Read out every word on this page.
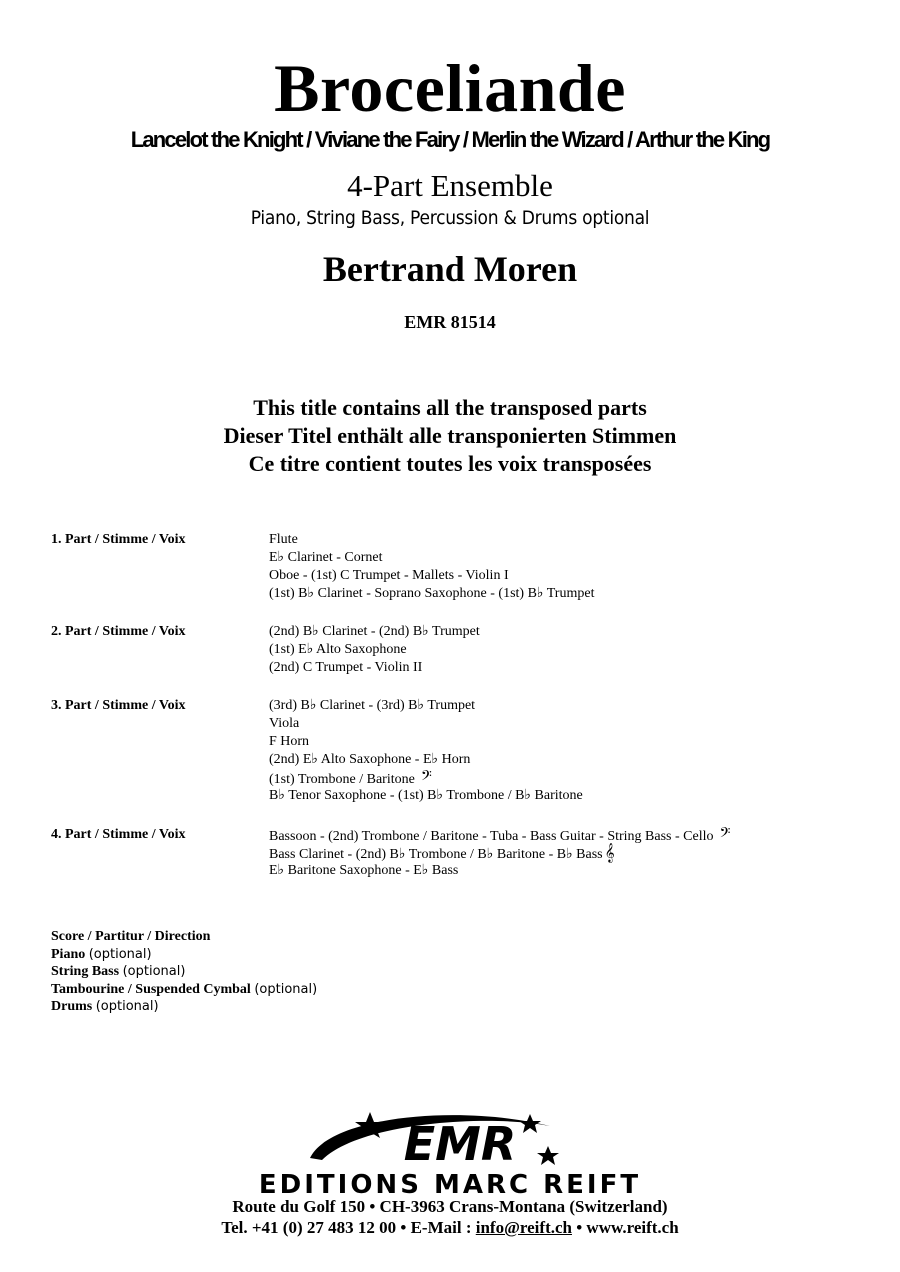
Broceliande
Lancelot the Knight / Viviane the Fairy / Merlin the Wizard / Arthur the King
4-Part Ensemble
Piano, String Bass, Percussion & Drums optional
Bertrand Moren
EMR 81514
This title contains all the transposed parts
Dieser Titel enthält alle transponierten Stimmen
Ce titre contient toutes les voix transposées
1. Part / Stimme / Voix	Flute
E♭ Clarinet - Cornet
Oboe - (1st) C Trumpet - Mallets - Violin I
(1st) B♭ Clarinet - Soprano Saxophone - (1st) B♭ Trumpet
2. Part / Stimme / Voix	(2nd) B♭ Clarinet - (2nd) B♭ Trumpet
(1st) E♭ Alto Saxophone
(2nd) C Trumpet - Violin II
3. Part / Stimme / Voix	(3rd) B♭ Clarinet - (3rd) B♭ Trumpet
Viola
F Horn
(2nd) E♭ Alto Saxophone - E♭ Horn
(1st) Trombone / Baritone 𝄢
B♭ Tenor Saxophone - (1st) B♭ Trombone / B♭ Baritone
4. Part / Stimme / Voix	Bassoon - (2nd) Trombone / Baritone - Tuba - Bass Guitar - String Bass - Cello 𝄢
Bass Clarinet - (2nd) B♭ Trombone / B♭ Baritone - B♭ Bass 𝄞
E♭ Baritone Saxophone - E♭ Bass
Score / Partitur / Direction
Piano (optional)
String Bass (optional)
Tambourine / Suspended Cymbal (optional)
Drums (optional)
EMR
EDITIONS MARC REIFT
Route du Golf 150 • CH-3963 Crans-Montana (Switzerland)
Tel. +41 (0) 27 483 12 00 • E-Mail : info@reift.ch • www.reift.ch
